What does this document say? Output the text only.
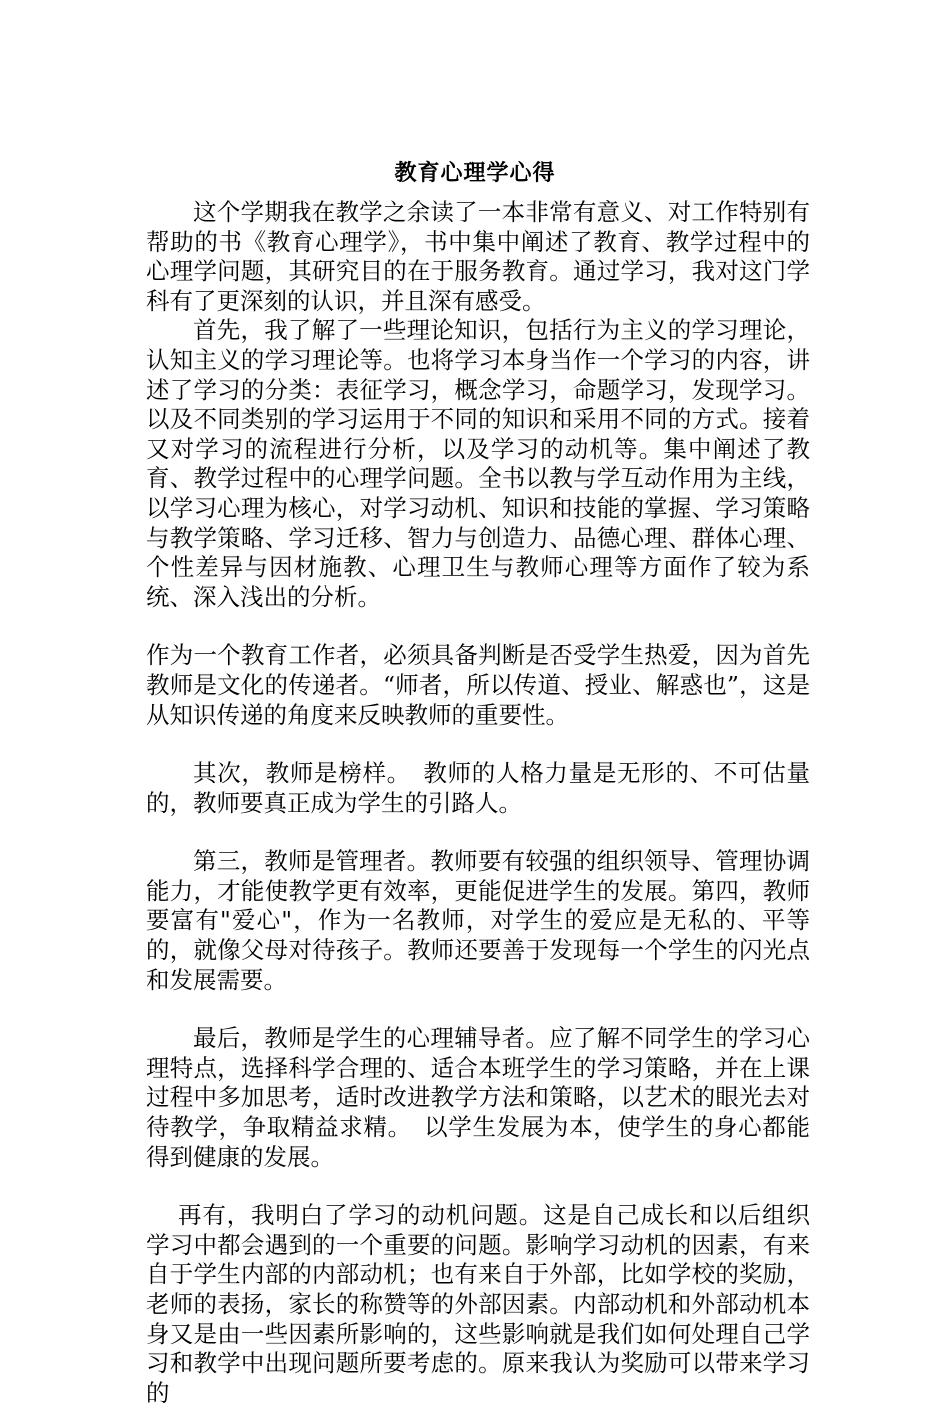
教育心理学心得

这个学期我在教学之余读了一本非常有意义、对工作特别有帮助的书《教育心理学》，书中集中阐述了教育、教学过程中的心理学问题，其研究目的在于服务教育。通过学习，我对这门学科有了更深刻的认识，并且深有感受。

首先，我了解了一些理论知识，包括行为主义的学习理论，认知主义的学习理论等。也将学习本身当作一个学习的内容，讲述了学习的分类：表征学习，概念学习，命题学习，发现学习。以及不同类别的学习运用于不同的知识和采用不同的方式。接着又对学习的流程进行分析，以及学习的动机等。集中阐述了教育、教学过程中的心理学问题。全书以教与学互动作用为主线，以学习心理为核心，对学习动机、知识和技能的掌握、学习策略与教学策略、学习迁移、智力与创造力、品德心理、群体心理、个性差异与因材施教、心理卫生与教师心理等方面作了较为系统、深入浅出的分析。

作为一个教育工作者，必须具备判断是否受学生热爱，因为首先教师是文化的传递者。“师者，所以传道、授业、解惑也”，这是从知识传递的角度来反映教师的重要性。

其次，教师是榜样。　教师的人格力量是无形的、不可估量的，教师要真正成为学生的引路人。

第三，教师是管理者。教师要有较强的组织领导、管理协调能力，才能使教学更有效率，更能促进学生的发展。第四，教师要富有"爱心"，作为一名教师，对学生的爱应是无私的、平等的，就像父母对待孩子。教师还要善于发现每一个学生的闪光点和发展需要。

最后，教师是学生的心理辅导者。应了解不同学生的学习心理特点，选择科学合理的、适合本班学生的学习策略，并在上课过程中多加思考，适时改进教学方法和策略，以艺术的眼光去对待教学，争取精益求精。　以学生发展为本，使学生的身心都能得到健康的发展。

再有，我明白了学习的动机问题。这是自己成长和以后组织学习中都会遇到的一个重要的问题。影响学习动机的因素，有来自于学生内部的内部动机；也有来自于外部，比如学校的奖励，老师的表扬，家长的称赞等的外部因素。内部动机和外部动机本身又是由一些因素所影响的，这些影响就是我们如何处理自己学习和教学中出现问题所要考虑的。原来我认为奖励可以带来学习的
